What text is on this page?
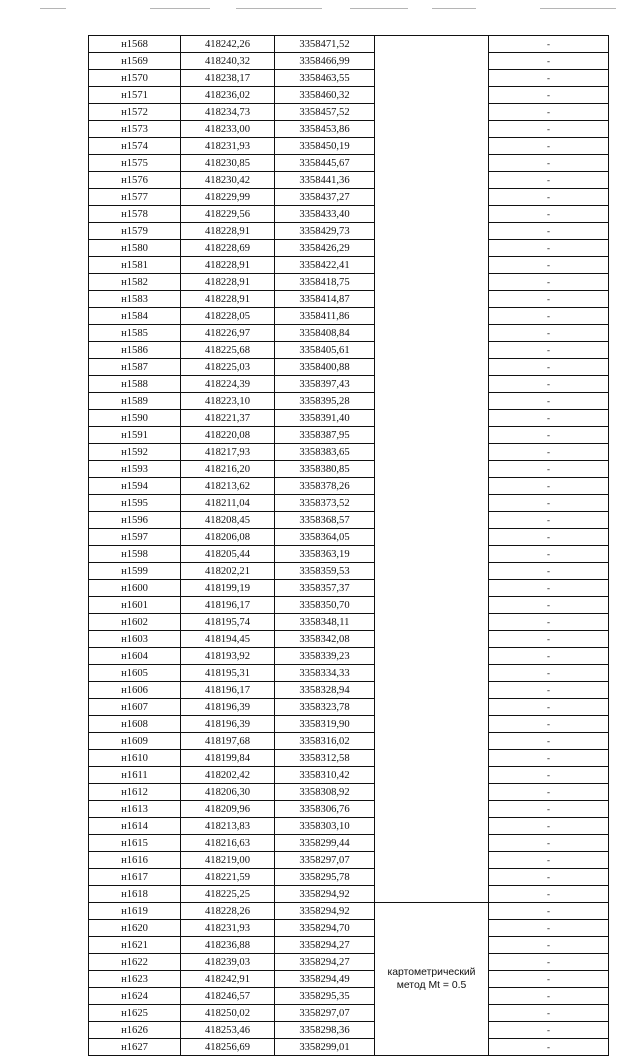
н1568	418242,26	3358471,52		-
н1569	418240,32	3358466,99		-
н1570	418238,17	3358463,55		-
н1571	418236,02	3358460,32		-
н1572	418234,73	3358457,52		-
н1573	418233,00	3358453,86		-
н1574	418231,93	3358450,19		-
н1575	418230,85	3358445,67		-
н1576	418230,42	3358441,36		-
н1577	418229,99	3358437,27		-
н1578	418229,56	3358433,40		-
н1579	418228,91	3358429,73		-
н1580	418228,69	3358426,29		-
н1581	418228,91	3358422,41		-
н1582	418228,91	3358418,75		-
н1583	418228,91	3358414,87		-
н1584	418228,05	3358411,86		-
н1585	418226,97	3358408,84		-
н1586	418225,68	3358405,61		-
н1587	418225,03	3358400,88		-
н1588	418224,39	3358397,43		-
н1589	418223,10	3358395,28		-
н1590	418221,37	3358391,40		-
н1591	418220,08	3358387,95		-
н1592	418217,93	3358383,65		-
н1593	418216,20	3358380,85		-
н1594	418213,62	3358378,26		-
н1595	418211,04	3358373,52		-
н1596	418208,45	3358368,57		-
н1597	418206,08	3358364,05		-
н1598	418205,44	3358363,19		-
н1599	418202,21	3358359,53		-
н1600	418199,19	3358357,37		-
н1601	418196,17	3358350,70		-
н1602	418195,74	3358348,11		-
н1603	418194,45	3358342,08		-
н1604	418193,92	3358339,23		-
н1605	418195,31	3358334,33		-
н1606	418196,17	3358328,94		-
н1607	418196,39	3358323,78		-
н1608	418196,39	3358319,90		-
н1609	418197,68	3358316,02		-
н1610	418199,84	3358312,58		-
н1611	418202,42	3358310,42		-
н1612	418206,30	3358308,92		-
н1613	418209,96	3358306,76		-
н1614	418213,83	3358303,10		-
н1615	418216,63	3358299,44		-
н1616	418219,00	3358297,07		-
н1617	418221,59	3358295,78		-
н1618	418225,25	3358294,92		-
н1619	418228,26	3358294,92	картометрический метод Mt = 0.5	-
н1620	418231,93	3358294,70		-
н1621	418236,88	3358294,27		-
н1622	418239,03	3358294,27		-
н1623	418242,91	3358294,49		-
н1624	418246,57	3358295,35		-
н1625	418250,02	3358297,07		-
н1626	418253,46	3358298,36		-
н1627	418256,69	3358299,01		-
